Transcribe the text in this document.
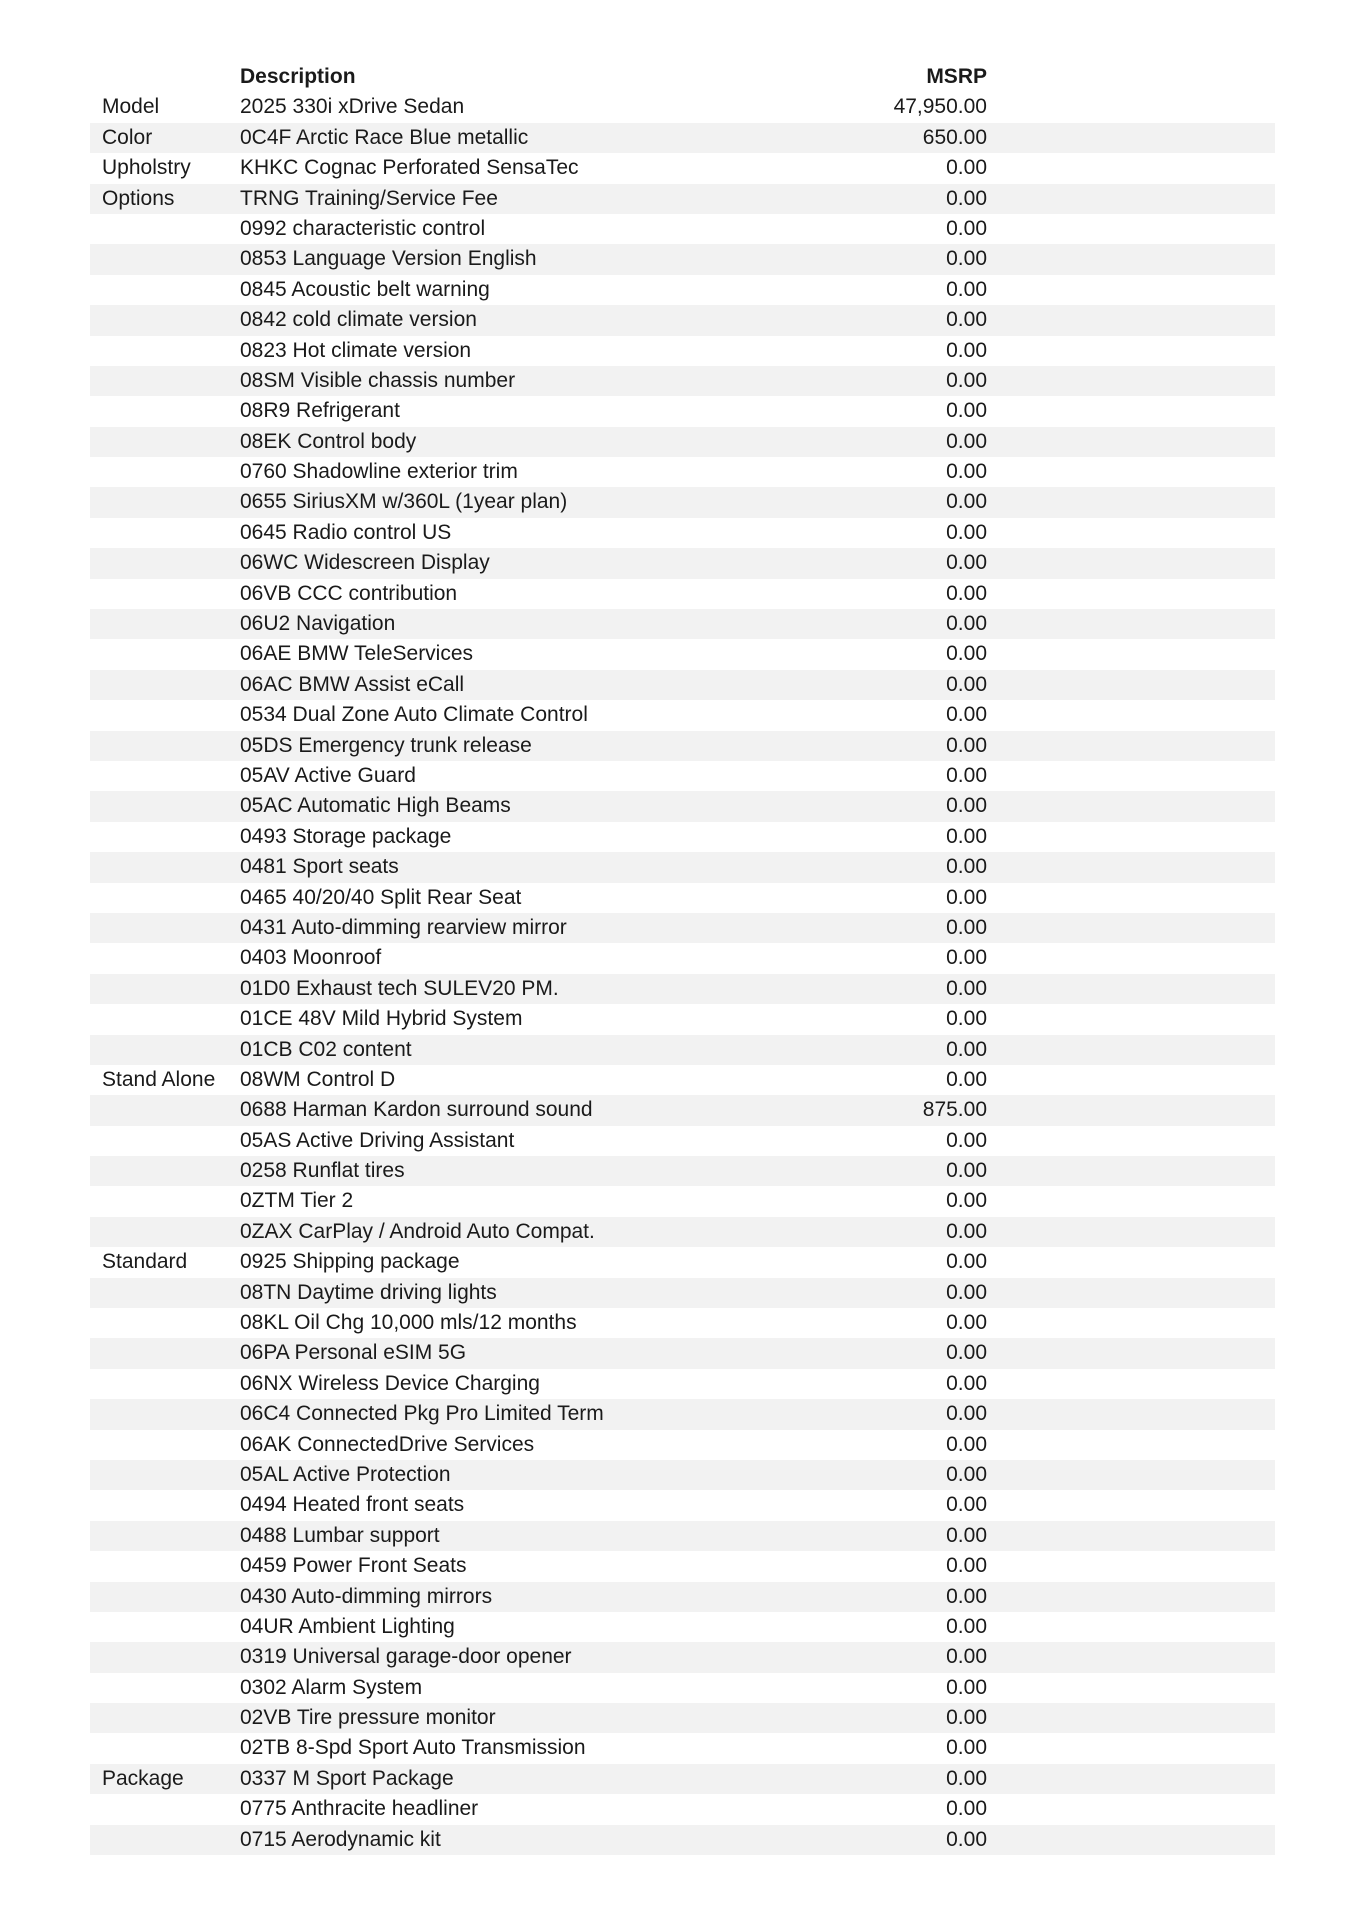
Description	MSRP
Model	2025 330i xDrive Sedan	47,950.00
Color	0C4F Arctic Race Blue metallic	650.00
Upholstry	KHKC Cognac Perforated SensaTec	0.00
Options	TRNG Training/Service Fee	0.00
0992 characteristic control	0.00
0853 Language Version English	0.00
0845 Acoustic belt warning	0.00
0842 cold climate version	0.00
0823 Hot climate version	0.00
08SM Visible chassis number	0.00
08R9 Refrigerant	0.00
08EK Control body	0.00
0760 Shadowline exterior trim	0.00
0655 SiriusXM w/360L (1year plan)	0.00
0645 Radio control US	0.00
06WC Widescreen Display	0.00
06VB CCC contribution	0.00
06U2 Navigation	0.00
06AE BMW TeleServices	0.00
06AC BMW Assist eCall	0.00
0534 Dual Zone Auto Climate Control	0.00
05DS Emergency trunk release	0.00
05AV Active Guard	0.00
05AC Automatic High Beams	0.00
0493 Storage package	0.00
0481 Sport seats	0.00
0465 40/20/40 Split Rear Seat	0.00
0431 Auto-dimming rearview mirror	0.00
0403 Moonroof	0.00
01D0 Exhaust tech SULEV20 PM.	0.00
01CE 48V Mild Hybrid System	0.00
01CB C02 content	0.00
Stand Alone	08WM Control D	0.00
0688 Harman Kardon surround sound	875.00
05AS Active Driving Assistant	0.00
0258 Runflat tires	0.00
0ZTM Tier 2	0.00
0ZAX CarPlay / Android Auto Compat.	0.00
Standard	0925 Shipping package	0.00
08TN Daytime driving lights	0.00
08KL Oil Chg 10,000 mls/12 months	0.00
06PA Personal eSIM 5G	0.00
06NX Wireless Device Charging	0.00
06C4 Connected Pkg Pro Limited Term	0.00
06AK ConnectedDrive Services	0.00
05AL Active Protection	0.00
0494 Heated front seats	0.00
0488 Lumbar support	0.00
0459 Power Front Seats	0.00
0430 Auto-dimming mirrors	0.00
04UR Ambient Lighting	0.00
0319 Universal garage-door opener	0.00
0302 Alarm System	0.00
02VB Tire pressure monitor	0.00
02TB 8-Spd Sport Auto Transmission	0.00
Package	0337 M Sport Package	0.00
0775 Anthracite headliner	0.00
0715 Aerodynamic kit	0.00
